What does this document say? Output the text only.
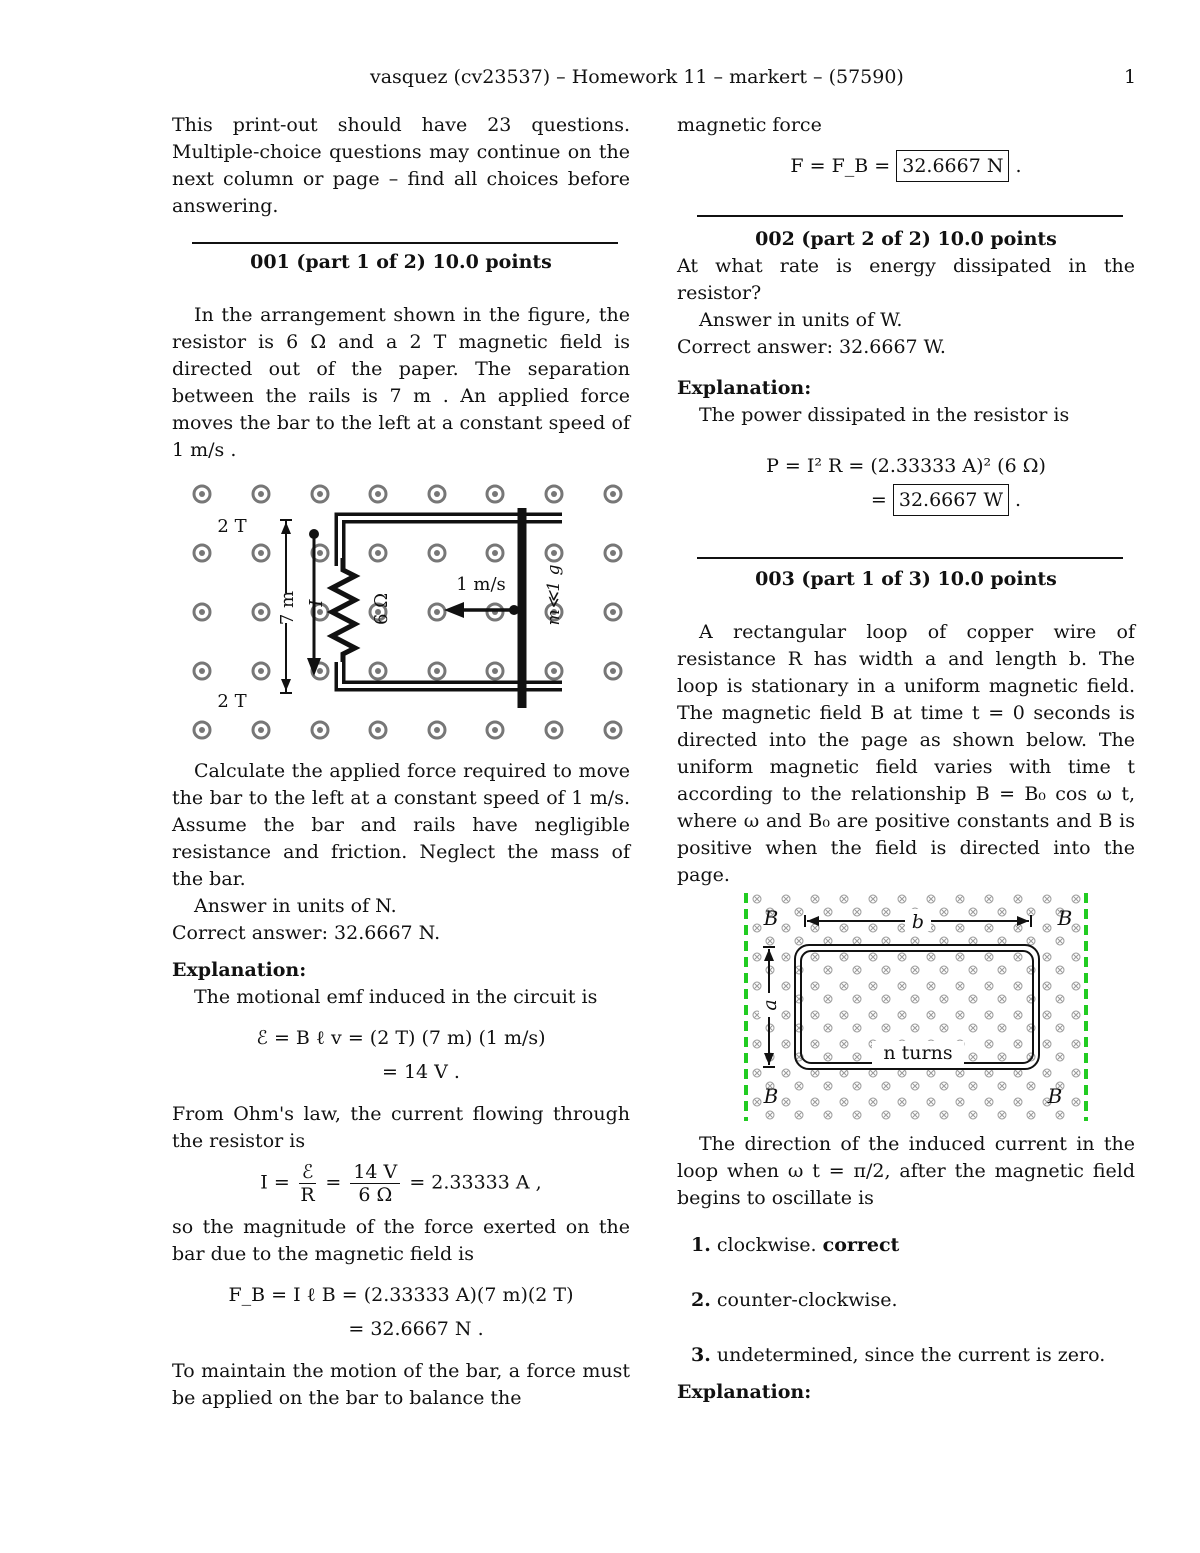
vasquez (cv23537) – Homework 11 – markert – (57590)	1

This print-out should have 23 questions. Multiple-choice questions may continue on the next column or page – find all choices before answering.

001 (part 1 of 2) 10.0 points

In the arrangement shown in the figure, the resistor is 6 Ω and a 2 T magnetic field is directed out of the paper. The separation between the rails is 7 m . An applied force moves the bar to the left at a constant speed of 1 m/s .

7 m I 6 Ω
1 m/s m≪1 g
2 T
2 T

Calculate the applied force required to move the bar to the left at a constant speed of 1 m/s. Assume the bar and rails have negligible resistance and friction. Neglect the mass of the bar.

Answer in units of N.

Correct answer: 32.6667 N.

Explanation:

The motional emf induced in the circuit is

ℰ = B ℓ v = (2 T) (7 m) (1 m/s)
= 14 V .

From Ohm's law, the current flowing through the resistor is

$I = \frac{\text{ℰ}}{R} = \frac{14 V}{6 \Omega} = 2.33333$ A ,

so the magnitude of the force exerted on the bar due to the magnetic field is

F_B = I ℓ B = (2.33333 A)(7 m)(2 T)
= 32.6667 N .

To maintain the motion of the bar, a force must be applied on the bar to balance the

magnetic force

F = F_B = 32.6667 N .
002 (part 2 of 2) 10.0 points

At what rate is energy dissipated in the resistor?

Answer in units of W.

Correct answer: 32.6667 W.

Explanation:

The power dissipated in the resistor is

P = I² R = (2.33333 A)² (6 Ω)
= 32.6667 W .
003 (part 1 of 3) 10.0 points

A rectangular loop of copper wire of resistance R has width a and length b. The loop is stationary in a uniform magnetic field. The magnetic field B at time t = 0 seconds is directed into the page as shown below. The uniform magnetic field varies with time t according to the relationship B = B₀ cos ω t, where ω and B₀ are positive constants and B is positive when the field is directed into the page.

b
a
B	B
B	B
n turns

The direction of the induced current in the loop when ω t = π/2, after the magnetic field begins to oscillate is

1. clockwise. correct
2. counter-clockwise.
3. undetermined, since the current is zero.

Explanation:
